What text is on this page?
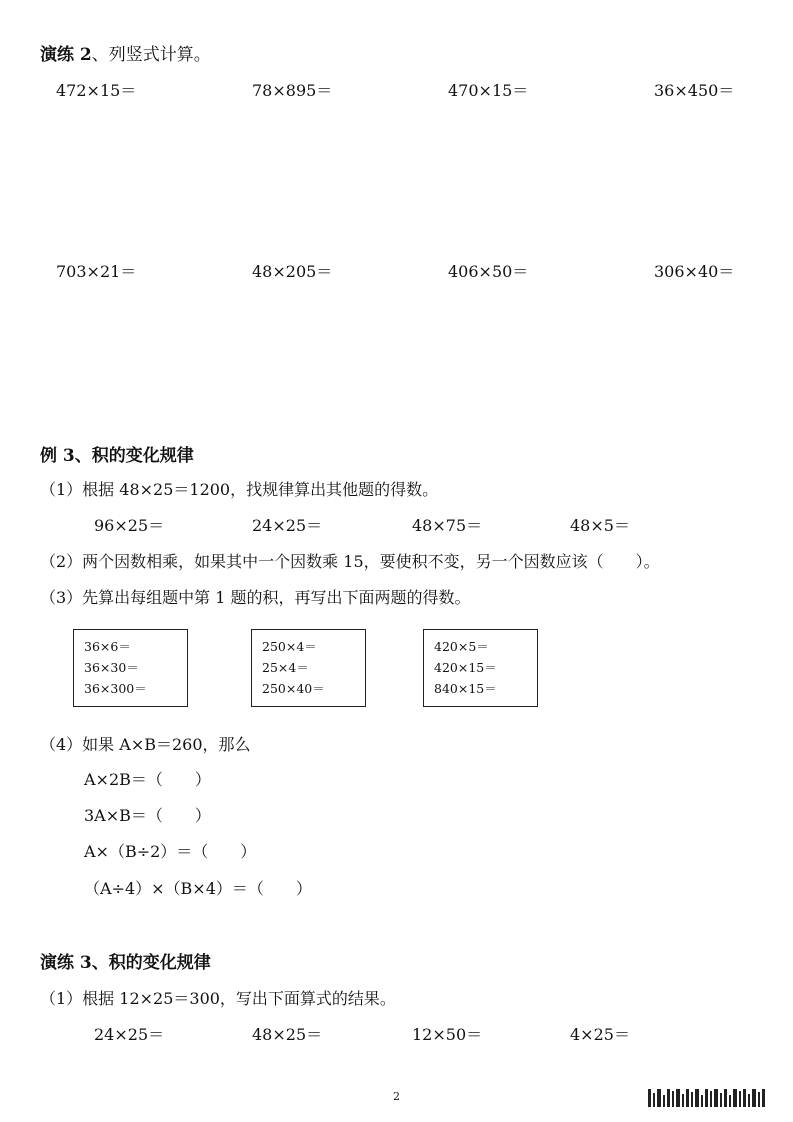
演练 2、列竖式计算。
472×15＝	78×895＝	470×15＝	36×450＝
703×21＝	48×205＝	406×50＝	306×40＝
例 3、积的变化规律
（1）根据 48×25＝1200，找规律算出其他题的得数。
96×25＝	24×25＝	48×75＝	48×5＝
（2）两个因数相乘，如果其中一个因数乘 15，要使积不变，另一个因数应该（　　）。
（3）先算出每组题中第 1 题的积，再写出下面两题的得数。
36×6＝
36×30＝
36×300＝
250×4＝
25×4＝
250×40＝
420×5＝
420×15＝
840×15＝
（4）如果 A×B＝260，那么
A×2B＝（　　）
3A×B＝（　　）
A×（B÷2）＝（　　）
（A÷4）×（B×4）＝（　　）
演练 3、积的变化规律
（1）根据 12×25＝300，写出下面算式的结果。
24×25＝	48×25＝	12×50＝	4×25＝
2
